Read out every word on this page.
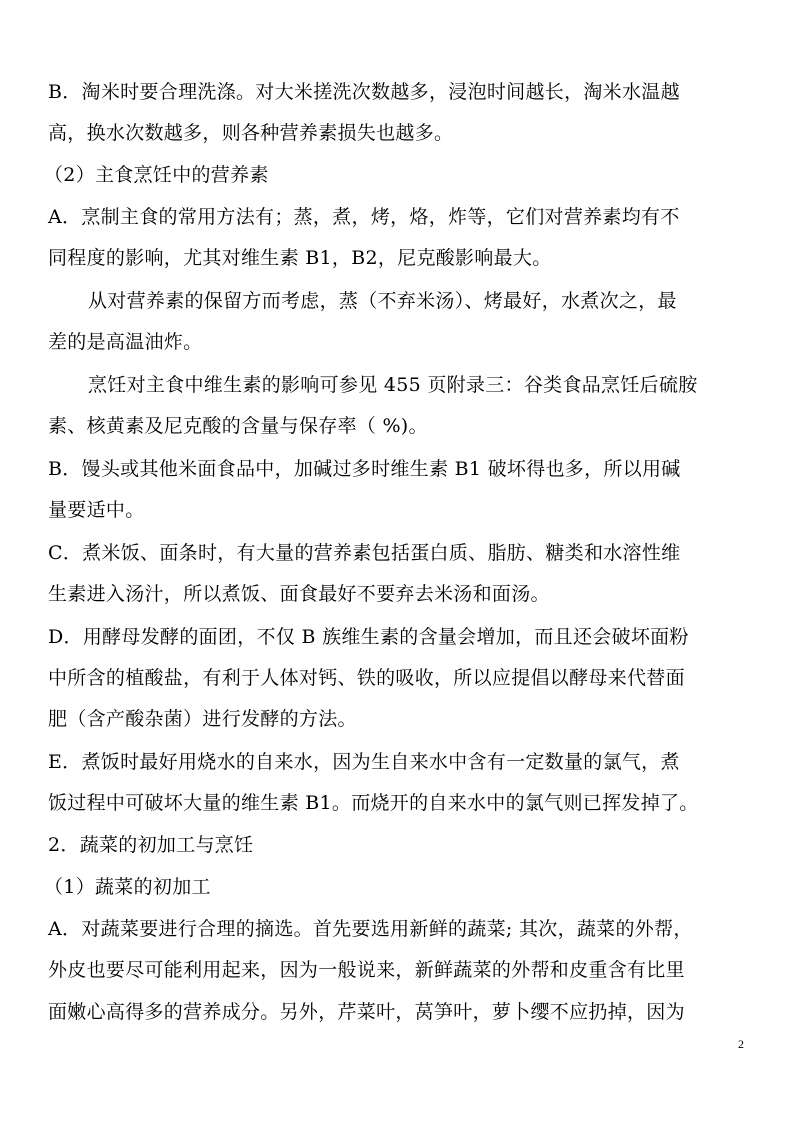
B．淘米时要合理洗涤。对大米搓洗次数越多，浸泡时间越长，淘米水温越
高，换水次数越多，则各种营养素损失也越多。
（2）主食烹饪中的营养素
A．烹制主食的常用方法有；蒸，煮，烤，烙，炸等，它们对营养素均有不
同程度的影响，尤其对维生素 B1，B2，尼克酸影响最大。
从对营养素的保留方而考虑，蒸（不弃米汤）、烤最好，水煮次之，最
差的是高温油炸。
烹饪对主食中维生素的影响可参见 455 页附录三：谷类食品烹饪后硫胺
素、核黄素及尼克酸的含量与保存率（ %)。
B．馒头或其他米面食品中，加碱过多时维生素 B1 破坏得也多，所以用碱
量要适中。
C．煮米饭、面条时，有大量的营养素包括蛋白质、脂肪、糖类和水溶性维
生素进入汤汁，所以煮饭、面食最好不要弃去米汤和面汤。
D．用酵母发酵的面团，不仅 B 族维生素的含量会增加，而且还会破坏面粉
中所含的植酸盐，有利于人体对钙、铁的吸收，所以应提倡以酵母来代替面
肥（含产酸杂菌）进行发酵的方法。
E．煮饭时最好用烧水的自来水，因为生自来水中含有一定数量的氯气，煮
饭过程中可破坏大量的维生素 B1。而烧开的自来水中的氯气则已挥发掉了。
2．蔬菜的初加工与烹饪
（1）蔬菜的初加工
A．对蔬菜要进行合理的摘选。首先要选用新鲜的蔬菜; 其次，蔬菜的外帮，
外皮也要尽可能利用起来，因为一般说来，新鲜蔬菜的外帮和皮重含有比里
面嫩心高得多的营养成分。另外，芹菜叶，莴笋叶，萝卜缨不应扔掉，因为
2
